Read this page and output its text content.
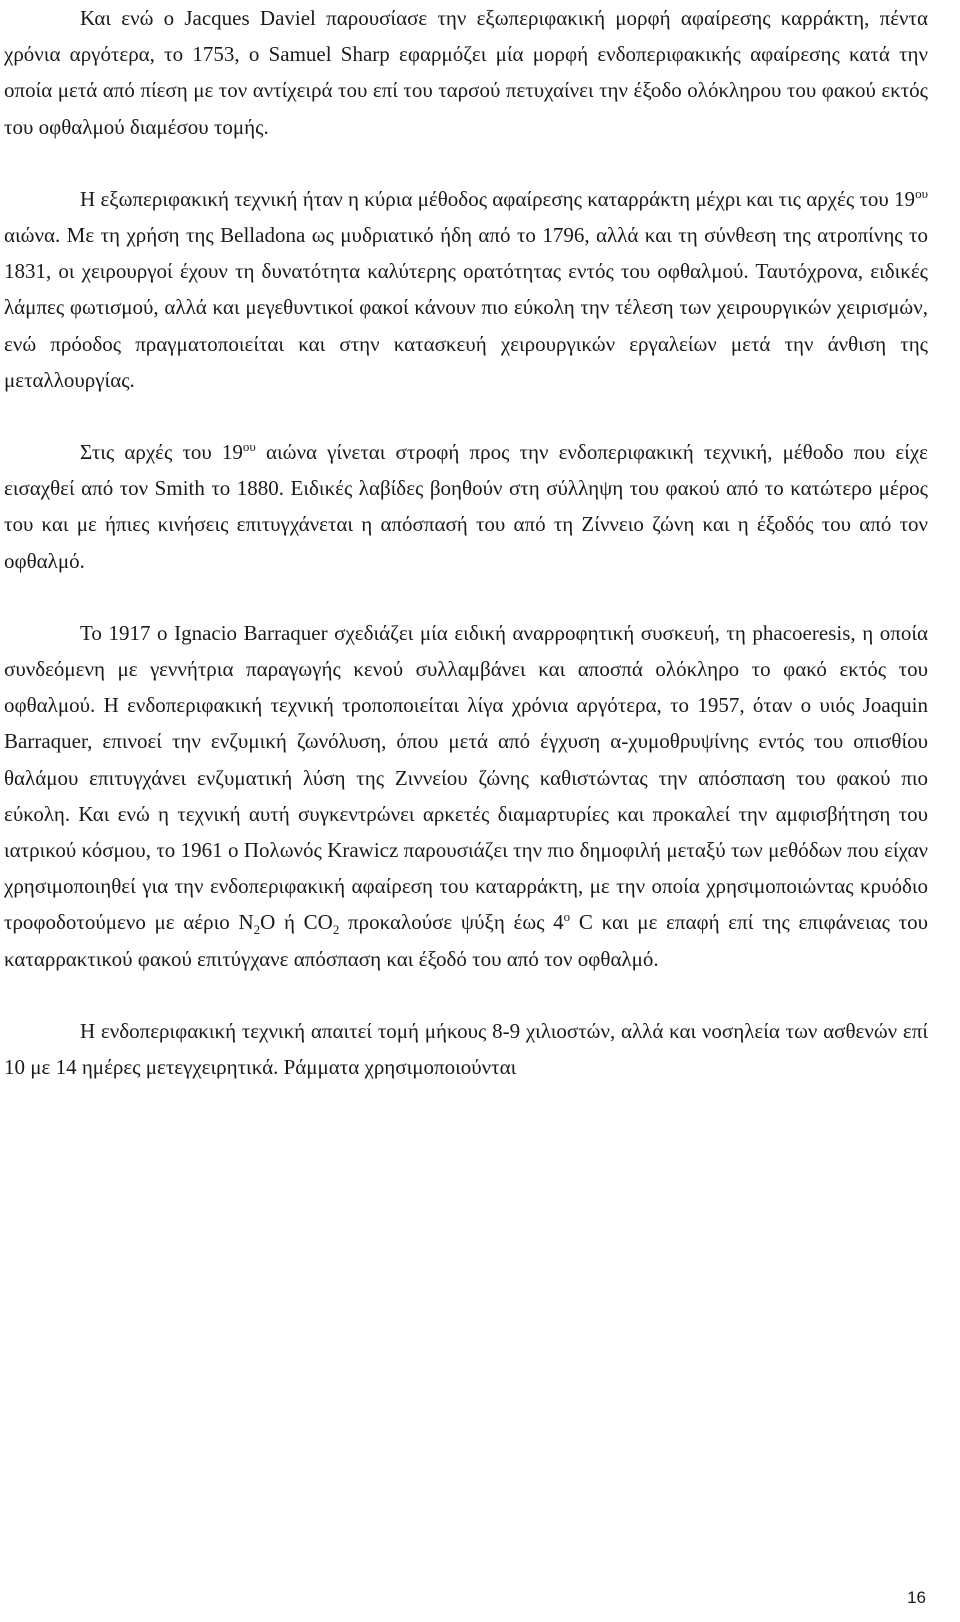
Και ενώ ο Jacques Daviel παρουσίασε την εξωπεριφακική μορφή αφαίρεσης καρράκτη, πέντα χρόνια αργότερα, το 1753, ο Samuel Sharp εφαρμόζει μία μορφή ενδοπεριφακικής αφαίρεσης κατά την οποία μετά από πίεση με τον αντίχειρά του επί του ταρσού πετυχαίνει την έξοδο ολόκληρου του φακού εκτός του οφθαλμού διαμέσου τομής.

Η εξωπεριφακική τεχνική ήταν η κύρια μέθοδος αφαίρεσης καταρράκτη μέχρι και τις αρχές του $19^{o\upsilon}$ αιώνα. Με τη χρήση της Belladona ως μυδριατικό ήδη από το 1796, αλλά και τη σύνθεση της ατροπίνης το 1831, οι χειρουργοί έχουν τη δυνατότητα καλύτερης ορατότητας εντός του οφθαλμού. Ταυτόχρονα, ειδικές λάμπες φωτισμού, αλλά και μεγεθυντικοί φακοί κάνουν πιο εύκολη την τέλεση των χειρουργικών χειρισμών, ενώ πρόοδος πραγματοποιείται και στην κατασκευή χειρουργικών εργαλείων μετά την άνθιση της μεταλλουργίας.

Στις αρχές του $19^{o\upsilon}$ αιώνα γίνεται στροφή προς την ενδοπεριφακική τεχνική, μέθοδο που είχε εισαχθεί από τον Smith το 1880. Ειδικές λαβίδες βοηθούν στη σύλληψη του φακού από το κατώτερο μέρος του και με ήπιες κινήσεις επιτυγχάνεται η απόσπασή του από τη Ζίννειο ζώνη και η έξοδός του από τον οφθαλμό.

Το 1917 ο Ignacio Barraquer σχεδιάζει μία ειδική αναρροφητική συσκευή, τη phacoeresis, η οποία συνδεόμενη με γεννήτρια παραγωγής κενού συλλαμβάνει και αποσπά ολόκληρο το φακό εκτός του οφθαλμού. Η ενδοπεριφακική τεχνική τροποποιείται λίγα χρόνια αργότερα, το 1957, όταν ο υιός Joaquin Barraquer, επινοεί την ενζυμική ζωνόλυση, όπου μετά από έγχυση α-χυμοθρυψίνης εντός του οπισθίου θαλάμου επιτυγχάνει ενζυματική λύση της Ζιννείου ζώνης καθιστώντας την απόσπαση του φακού πιο εύκολη. Και ενώ η τεχνική αυτή συγκεντρώνει αρκετές διαμαρτυρίες και προκαλεί την αμφισβήτηση του ιατρικού κόσμου, το 1961 ο Πολωνός Krawicz παρουσιάζει την πιο δημοφιλή μεταξύ των μεθόδων που είχαν χρησιμοποιηθεί για την ενδοπεριφακική αφαίρεση του καταρράκτη, με την οποία χρησιμοποιώντας κρυόδιο τροφοδοτούμενο με αέριο $N_2O$ ή $CO_2$ προκαλούσε ψύξη έως 4$^o$ C και με επαφή επί της επιφάνειας του καταρρακτικού φακού επιτύγχανε απόσπαση και έξοδό του από τον οφθαλμό.

Η ενδοπεριφακική τεχνική απαιτεί τομή μήκους 8-9 χιλιοστών, αλλά και νοσηλεία των ασθενών επί 10 με 14 ημέρες μετεγχειρητικά. Ράμματα χρησιμοποιούνται

16
